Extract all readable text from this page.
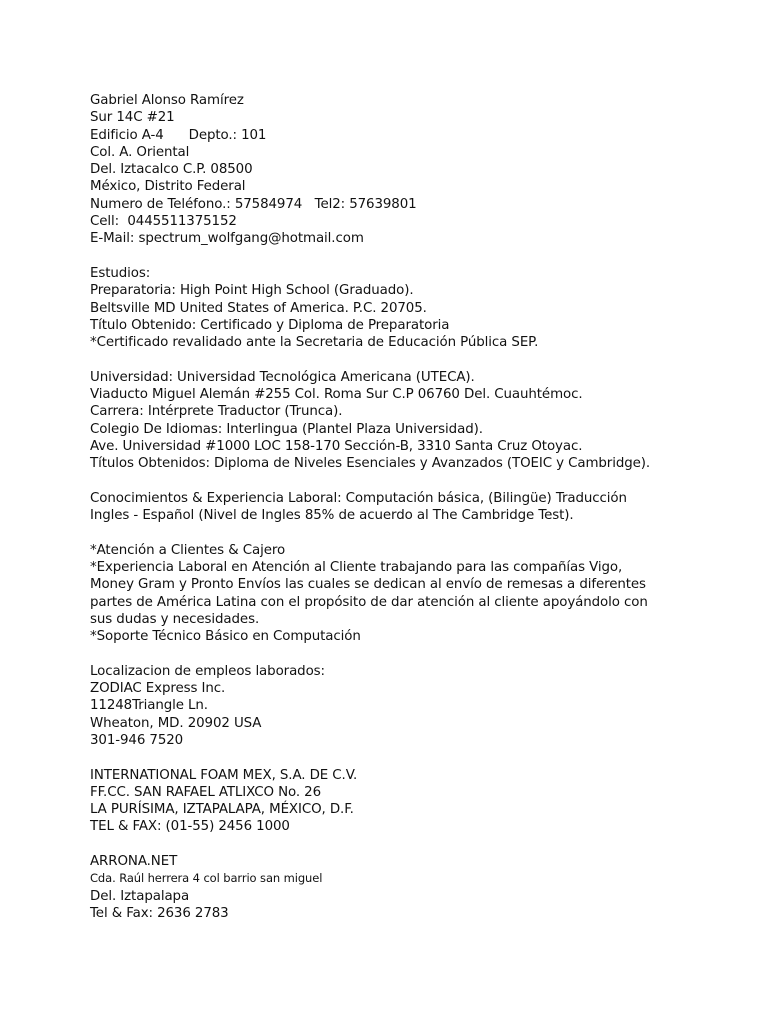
Gabriel Alonso Ramírez
Sur 14C #21
Edificio A-4      Depto.: 101
Col. A. Oriental
Del. Iztacalco C.P. 08500
México, Distrito Federal
Numero de Teléfono.: 57584974   Tel2: 57639801
Cell:  0445511375152
E-Mail: spectrum_wolfgang@hotmail.com
Estudios:
Preparatoria: High Point High School (Graduado).
Beltsville MD United States of America. P.C. 20705.
Título Obtenido: Certificado y Diploma de Preparatoria
*Certificado revalidado ante la Secretaria de Educación Pública SEP.
Universidad: Universidad Tecnológica Americana (UTECA).
Viaducto Miguel Alemán #255 Col. Roma Sur C.P 06760 Del. Cuauhtémoc.
Carrera: Intérprete Traductor (Trunca).
Colegio De Idiomas: Interlingua (Plantel Plaza Universidad).
Ave. Universidad #1000 LOC 158-170 Sección-B, 3310 Santa Cruz Otoyac.
Títulos Obtenidos: Diploma de Niveles Esenciales y Avanzados (TOEIC y Cambridge).
Conocimientos & Experiencia Laboral: Computación básica, (Bilingüe) Traducción
Ingles - Español (Nivel de Ingles 85% de acuerdo al The Cambridge Test).
*Atención a Clientes & Cajero
*Experiencia Laboral en Atención al Cliente trabajando para las compañías Vigo,
Money Gram y Pronto Envíos las cuales se dedican al envío de remesas a diferentes
partes de América Latina con el propósito de dar atención al cliente apoyándolo con
sus dudas y necesidades.
*Soporte Técnico Básico en Computación
Localizacion de empleos laborados:
ZODIAC Express Inc.
11248Triangle Ln.
Wheaton, MD. 20902 USA
301-946 7520
INTERNATIONAL FOAM MEX, S.A. DE C.V.
FF.CC. SAN RAFAEL ATLIXCO No. 26
LA PURÍSIMA, IZTAPALAPA, MÉXICO, D.F.
TEL & FAX: (01-55) 2456 1000
ARRONA.NET
Cda. Raúl herrera 4 col barrio san miguel
Del. Iztapalapa
Tel & Fax: 2636 2783
